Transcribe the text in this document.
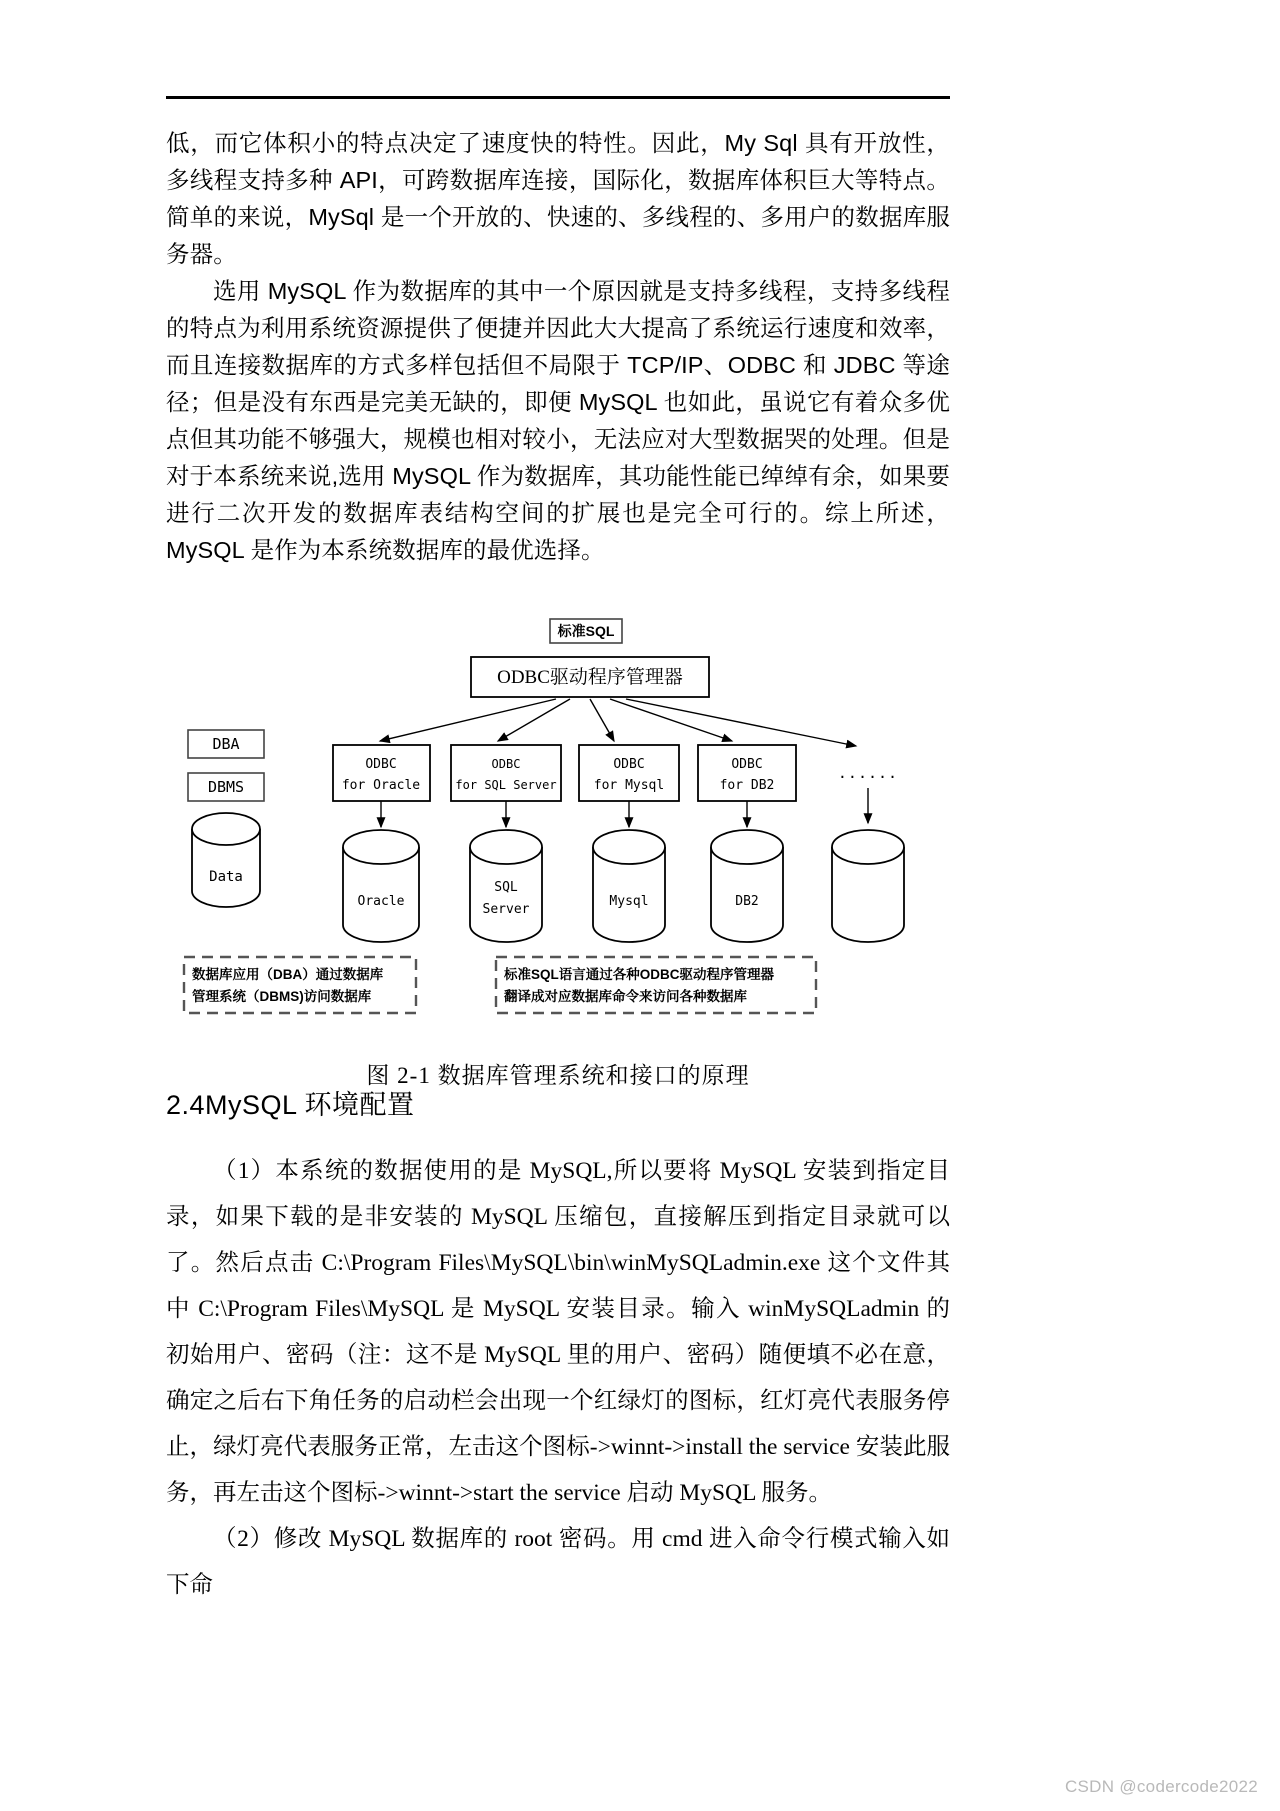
低，而它体积小的特点决定了速度快的特性。因此，My Sql 具有开放性，多线程支持多种 API，可跨数据库连接，国际化，数据库体积巨大等特点。简单的来说，MySql 是一个开放的、快速的、多线程的、多用户的数据库服务器。

选用 MySQL 作为数据库的其中一个原因就是支持多线程，支持多线程的特点为利用系统资源提供了便捷并因此大大提高了系统运行速度和效率，而且连接数据库的方式多样包括但不局限于 TCP/IP、ODBC 和 JDBC 等途径；但是没有东西是完美无缺的，即便 MySQL 也如此，虽说它有着众多优点但其功能不够强大，规模也相对较小，无法应对大型数据哭的处理。但是对于本系统来说,选用 MySQL 作为数据库，其功能性能已绰绰有余，如果要进行二次开发的数据库表结构空间的扩展也是完全可行的。综上所述，MySQL 是作为本系统数据库的最优选择。

标准SQL
ODBC驱动程序管理器
DBA
DBMS
Data
ODBC
for Oracle
ODBC
for SQL Server
ODBC
for Mysql
ODBC
for DB2
......
Oracle
SQL
Server
Mysql	DB2
数据库应用（DBA）通过数据库
管理系统（DBMS)访问数据库
标准SQL语言通过各种ODBC驱动程序管理器
翻译成对应数据库命令来访问各种数据库
图 2-1 数据库管理系统和接口的原理
2.4MySQL 环境配置

（1）本系统的数据使用的是 MySQL,所以要将 MySQL 安装到指定目录，如果下载的是非安装的 MySQL 压缩包，直接解压到指定目录就可以了。然后点击 C:\Program Files\MySQL\bin\winMySQLadmin.exe 这个文件其中 C:\Program Files\MySQL 是 MySQL 安装目录。输入 winMySQLadmin 的初始用户、密码（注：这不是 MySQL 里的用户、密码）随便填不必在意，确定之后右下角任务的启动栏会出现一个红绿灯的图标，红灯亮代表服务停止，绿灯亮代表服务正常，左击这个图标->winnt->install the service 安装此服务，再左击这个图标->winnt->start the service 启动 MySQL 服务。

（2）修改 MySQL 数据库的 root 密码。用 cmd 进入命令行模式输入如下命

CSDN @codercode2022
